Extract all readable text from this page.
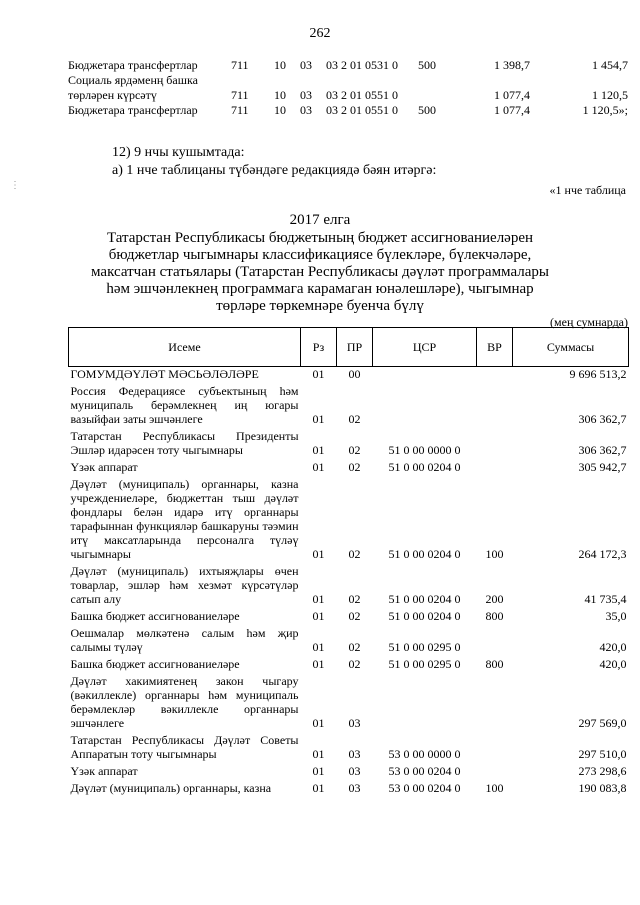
262
Бюджетара трансфертлар	711 10 03 03 2 01 0531 0 500	1 398,7	1 454,7
Социаль ярдәменң башка
төрләрен күрсәтү	711 10 03 03 2 01 0551 0	1 077,4	1 120,5
Бюджетара трансфертлар	711 10 03 03 2 01 0551 0 500	1 077,4	1 120,5»;
12) 9 нчы кушымтада:
а) 1 нче таблицаны түбәндәге редакциядә бәян итәргә:
«1 нче таблица
2017 елга
Татарстан Республикасы бюджетының бюджет ассигнованиеләрен бюджетлар чыгымнары классификациясе бүлекләре, бүлекчәләре, максатчан статьялары (Татарстан Республикасы дәүләт программалары һәм эшчәнлекнең программага карамаган юнәлешләре), чыгымнар төрләре төркемнәре буенча бүлү
(мең сумнарда)
Исеме	Рз	ПР	ЦСР	ВР	Суммасы
ГОМУМДӘҮЛӘТ МӘСЬӘЛӘЛӘРЕ	01	00			9 696 513,2
Россия Федерациясе субъектының һәм муниципаль берәмлекнең иң югары вазыйфаи заты эшчәнлеге	01	02			306 362,7
Татарстан Республикасы Президенты Эшләр идарәсен тоту чыгымнары	01	02	51 0 00 0000 0		306 362,7
Үзәк аппарат	01	02	51 0 00 0204 0		305 942,7
Дәүләт (муниципаль) органнары, казна учреждениеләре, бюджеттан тыш дәүләт фондлары белән идарә итү органнары тарафыннан функцияләр башкаруны тәэмин итү максатларында персоналга түләү чыгымнары	01	02	51 0 00 0204 0	100	264 172,3
Дәүләт (муниципаль) ихтыяҗлары өчен товарлар, эшләр һәм хезмәт күрсәтүләр сатып алу	01	02	51 0 00 0204 0	200	41 735,4
Башка бюджет ассигнованиеләре	01	02	51 0 00 0204 0	800	35,0
Оешмалар мөлкәтенә салым һәм җир салымы түләү	01	02	51 0 00 0295 0		420,0
Башка бюджет ассигнованиеләре	01	02	51 0 00 0295 0	800	420,0
Дәүләт хакимиятенең закон чыгару (вәкиллекле) органнары һәм муниципаль берәмлекләр вәкиллекле органнары эшчәнлеге	01	03			297 569,0
Татарстан Республикасы Дәүләт Советы Аппаратын тоту чыгымнары	01	03	53 0 00 0000 0		297 510,0
Үзәк аппарат	01	03	53 0 00 0204 0		273 298,6
Дәүләт (муниципаль) органнары, казна	01	03	53 0 00 0204 0	100	190 083,8
⋮
